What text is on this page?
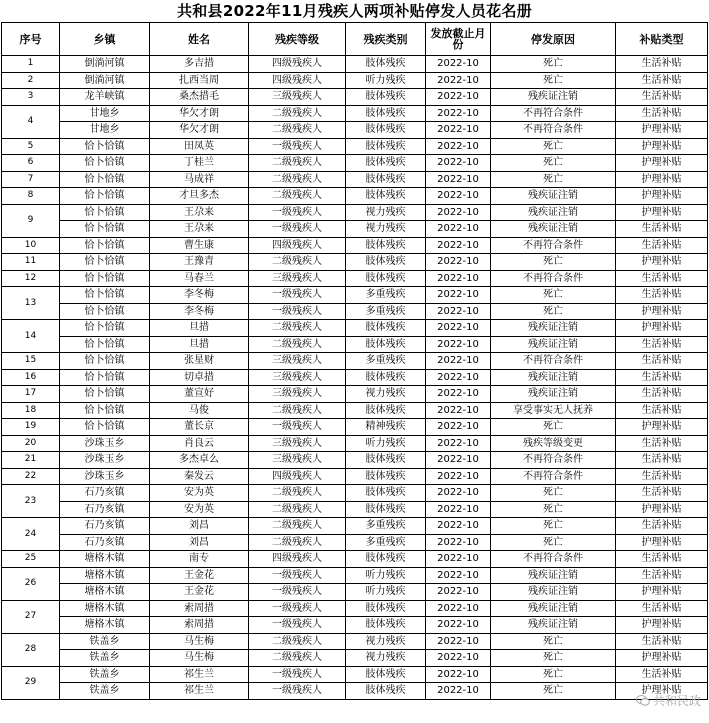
共和县2022年11月残疾人两项补贴停发人员花名册
序号	乡镇	姓名	残疾等级	残疾类别	发放截止月份	停发原因	补贴类型
1	倒淌河镇	多吉措	四级残疾人	肢体残疾	2022-10	死亡	生活补贴
2	倒淌河镇	扎西当周	四级残疾人	听力残疾	2022-10	死亡	生活补贴
3	龙羊峡镇	桑杰措毛	三级残疾人	肢体残疾	2022-10	残疾证注销	生活补贴
4	甘地乡	华欠才朗	二级残疾人	肢体残疾	2022-10	不再符合条件	生活补贴
	甘地乡	华欠才朗	二级残疾人	肢体残疾	2022-10	不再符合条件	护理补贴
5	恰卜恰镇	田凤英	一级残疾人	肢体残疾	2022-10	死亡	护理补贴
6	恰卜恰镇	丁桂兰	二级残疾人	肢体残疾	2022-10	死亡	护理补贴
7	恰卜恰镇	马成祥	二级残疾人	肢体残疾	2022-10	死亡	护理补贴
8	恰卜恰镇	才旦多杰	二级残疾人	肢体残疾	2022-10	残疾证注销	护理补贴
9	恰卜恰镇	王尕来	一级残疾人	视力残疾	2022-10	残疾证注销	护理补贴
	恰卜恰镇	王尕来	一级残疾人	视力残疾	2022-10	残疾证注销	生活补贴
10	恰卜恰镇	曹生康	四级残疾人	肢体残疾	2022-10	不再符合条件	生活补贴
11	恰卜恰镇	王豫青	二级残疾人	肢体残疾	2022-10	死亡	护理补贴
12	恰卜恰镇	马春兰	三级残疾人	肢体残疾	2022-10	不再符合条件	生活补贴
13	恰卜恰镇	李冬梅	一级残疾人	多重残疾	2022-10	死亡	生活补贴
	恰卜恰镇	李冬梅	一级残疾人	多重残疾	2022-10	死亡	护理补贴
14	恰卜恰镇	旦措	二级残疾人	肢体残疾	2022-10	残疾证注销	护理补贴
	恰卜恰镇	旦措	二级残疾人	肢体残疾	2022-10	残疾证注销	生活补贴
15	恰卜恰镇	张星财	三级残疾人	多重残疾	2022-10	不再符合条件	生活补贴
16	恰卜恰镇	切卓措	三级残疾人	肢体残疾	2022-10	残疾证注销	生活补贴
17	恰卜恰镇	董宣好	三级残疾人	视力残疾	2022-10	残疾证注销	生活补贴
18	恰卜恰镇	马俊	二级残疾人	肢体残疾	2022-10	享受事实无人抚养	生活补贴
19	恰卜恰镇	董长京	一级残疾人	精神残疾	2022-10	死亡	护理补贴
20	沙珠玉乡	肖良云	三级残疾人	听力残疾	2022-10	残疾等级变更	生活补贴
21	沙珠玉乡	多杰卓么	三级残疾人	肢体残疾	2022-10	不再符合条件	生活补贴
22	沙珠玉乡	秦发云	四级残疾人	肢体残疾	2022-10	不再符合条件	生活补贴
23	石乃亥镇	安为英	二级残疾人	肢体残疾	2022-10	死亡	生活补贴
	石乃亥镇	安为英	二级残疾人	肢体残疾	2022-10	死亡	护理补贴
24	石乃亥镇	刘昌	二级残疾人	多重残疾	2022-10	死亡	生活补贴
	石乃亥镇	刘昌	二级残疾人	多重残疾	2022-10	死亡	护理补贴
25	塘格木镇	南专	四级残疾人	肢体残疾	2022-10	不再符合条件	生活补贴
26	塘格木镇	王金花	一级残疾人	听力残疾	2022-10	残疾证注销	生活补贴
	塘格木镇	王金花	一级残疾人	听力残疾	2022-10	残疾证注销	护理补贴
27	塘格木镇	索周措	一级残疾人	肢体残疾	2022-10	残疾证注销	生活补贴
	塘格木镇	索周措	一级残疾人	肢体残疾	2022-10	残疾证注销	护理补贴
28	铁盖乡	马生梅	二级残疾人	视力残疾	2022-10	死亡	生活补贴
	铁盖乡	马生梅	二级残疾人	视力残疾	2022-10	死亡	护理补贴
29	铁盖乡	祁生兰	一级残疾人	肢体残疾	2022-10	死亡	生活补贴
	铁盖乡	祁生兰	一级残疾人	肢体残疾	2022-10	死亡	护理补贴
共和民政
